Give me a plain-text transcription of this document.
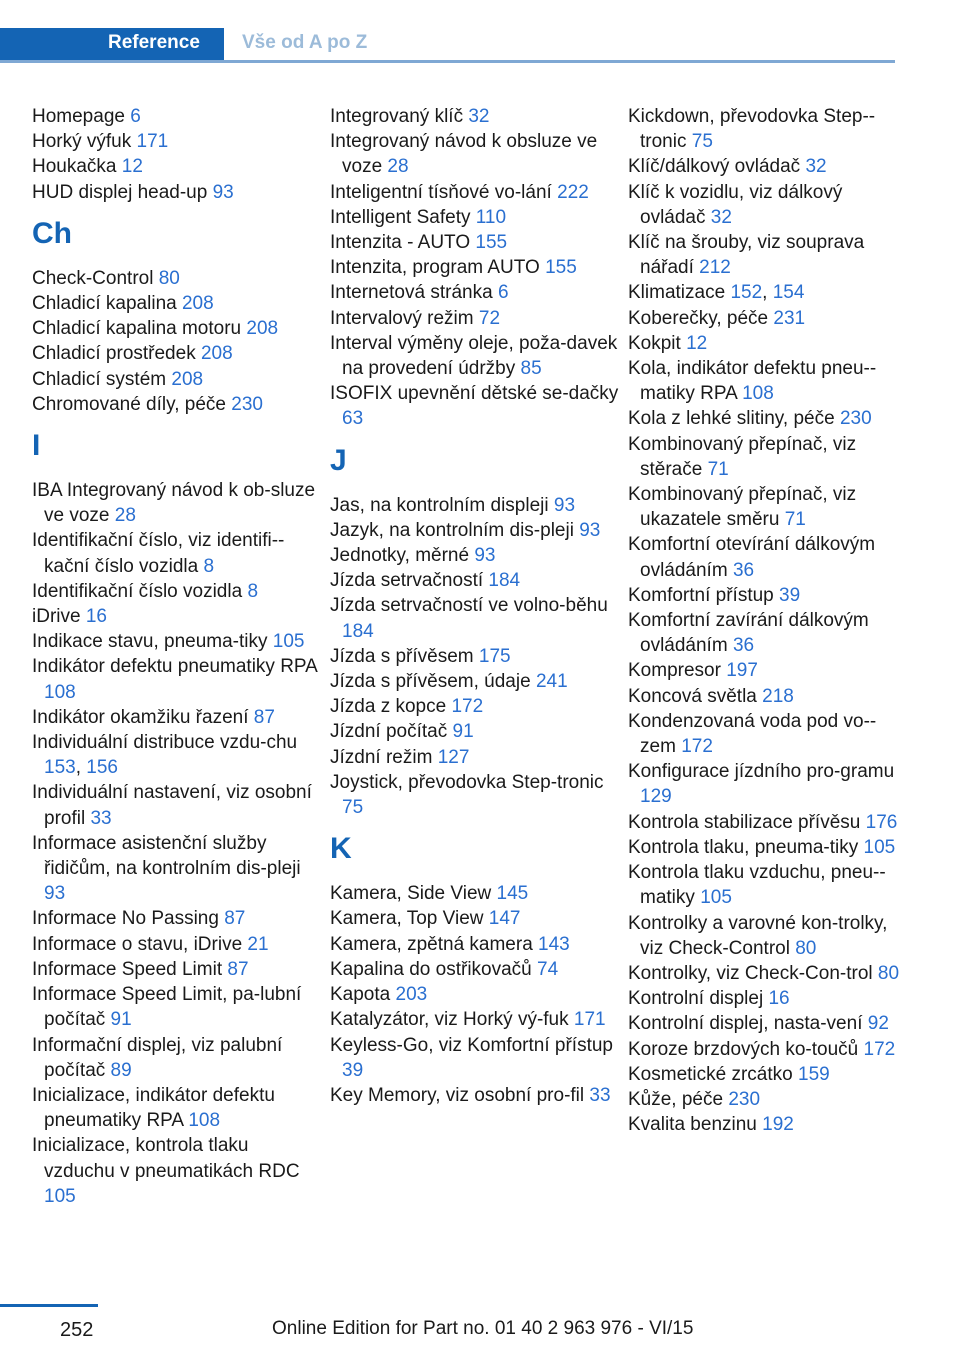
Reference	Vše od A po Z

Homepage 6

Horký výfuk 171

Houkačka 12

HUD displej head-up 93

Ch

Check-Control 80

Chladicí kapalina 208

Chladicí kapalina motoru 208

Chladicí prostředek 208

Chladicí systém 208

Chromované díly, péče 230

I

IBA Integrovaný návod k ob-sluze ve voze 28

Identifikační číslo, viz identifi-kační číslo vozidla 8

Identifikační číslo vozidla 8

iDrive 16

Indikace stavu, pneuma-tiky 105

Indikátor defektu pneumatiky RPA 108

Indikátor okamžiku řazení 87

Individuální distribuce vzdu-chu 153, 156

Individuální nastavení, viz osobní profil 33

Informace asistenční služby řidičům, na kontrolním dis-pleji 93

Informace No Passing 87

Informace o stavu, iDrive 21

Informace Speed Limit 87

Informace Speed Limit, pa-lubní počítač 91

Informační displej, viz palubní počítač 89

Inicializace, indikátor defektu pneumatiky RPA 108

Inicializace, kontrola tlaku vzduchu v pneumatikách RDC 105

Integrovaný klíč 32

Integrovaný návod k obsluze ve voze 28

Inteligentní tísňové vo-lání 222

Intelligent Safety 110

Intenzita - AUTO 155

Intenzita, program AUTO 155

Internetová stránka 6

Intervalový režim 72

Interval výměny oleje, poža-davek na provedení údržby 85

ISOFIX upevnění dětské se-dačky 63

J

Jas, na kontrolním displeji 93

Jazyk, na kontrolním dis-pleji 93

Jednotky, měrné 93

Jízda setrvačností 184

Jízda setrvačností ve volno-běhu 184

Jízda s přívěsem 175

Jízda s přívěsem, údaje 241

Jízda z kopce 172

Jízdní počítač 91

Jízdní režim 127

Joystick, převodovka Step-tronic 75

K

Kamera, Side View 145

Kamera, Top View 147

Kamera, zpětná kamera 143

Kapalina do ostřikovačů 74

Kapota 203

Katalyzátor, viz Horký vý-fuk 171

Keyless-Go, viz Komfortní přístup 39

Key Memory, viz osobní pro-fil 33

Kickdown, převodovka Step-tronic 75

Klíč/dálkový ovládač 32

Klíč k vozidlu, viz dálkový ovládač 32

Klíč na šrouby, viz souprava nářadí 212

Klimatizace 152, 154

Koberečky, péče 231

Kokpit 12

Kola, indikátor defektu pneu-matiky RPA 108

Kola z lehké slitiny, péče 230

Kombinovaný přepínač, viz stěrače 71

Kombinovaný přepínač, viz ukazatele směru 71

Komfortní otevírání dálkovým ovládáním 36

Komfortní přístup 39

Komfortní zavírání dálkovým ovládáním 36

Kompresor 197

Koncová světla 218

Kondenzovaná voda pod vo-zem 172

Konfigurace jízdního pro-gramu 129

Kontrola stabilizace přívěsu 176

Kontrola tlaku, pneuma-tiky 105

Kontrola tlaku vzduchu, pneu-matiky 105

Kontrolky a varovné kon-trolky, viz Check-Control 80

Kontrolky, viz Check-Con-trol 80

Kontrolní displej 16

Kontrolní displej, nasta-vení 92

Koroze brzdových ko-toučů 172

Kosmetické zrcátko 159

Kůže, péče 230

Kvalita benzinu 192

252	Online Edition for Part no. 01 40 2 963 976 - VI/15
